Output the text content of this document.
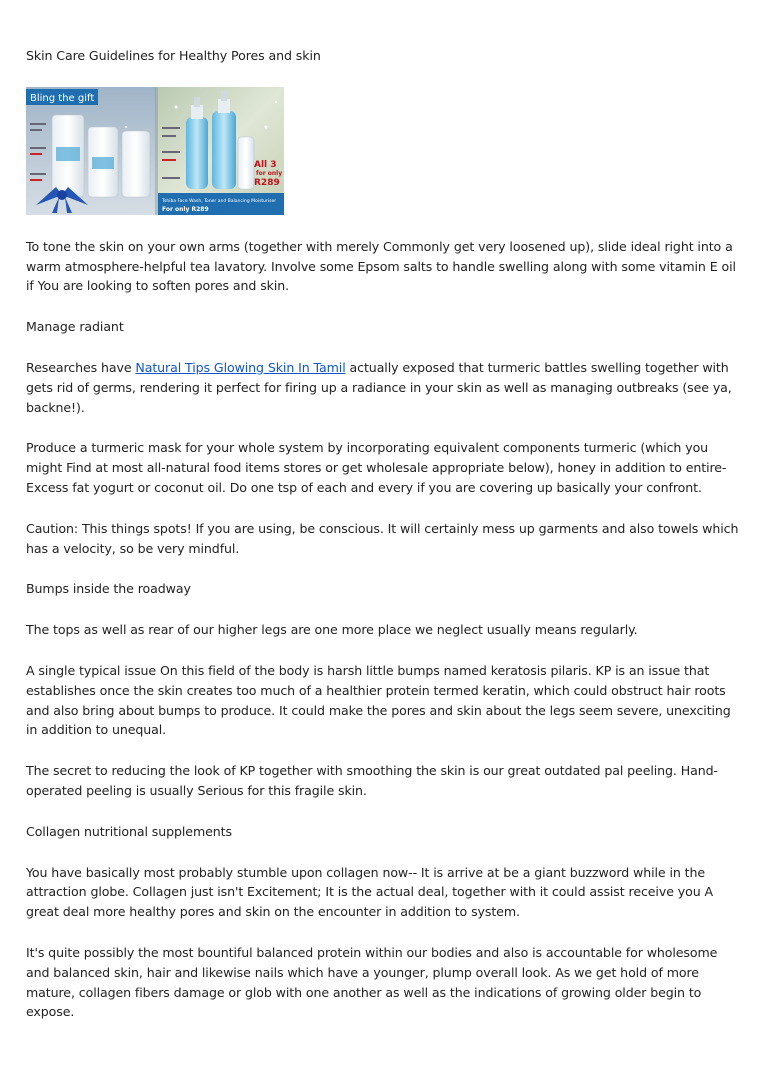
Skin Care Guidelines for Healthy Pores and skin

Bling the gift
All 3
for only
R289
Tshiba Face Wash, Toner and Balancing Moisturiser
For only R289

To tone the skin on your own arms (together with merely Commonly get very loosened up), slide ideal right into a warm atmosphere-helpful tea lavatory. Involve some Epsom salts to handle swelling along with some vitamin E oil if You are looking to soften pores and skin.

Manage radiant

Researches have Natural Tips Glowing Skin In Tamil actually exposed that turmeric battles swelling together with gets rid of germs, rendering it perfect for firing up a radiance in your skin as well as managing outbreaks (see ya, backne!).

Produce a turmeric mask for your whole system by incorporating equivalent components turmeric (which you might Find at most all-natural food items stores or get wholesale appropriate below), honey in addition to entire-Excess fat yogurt or coconut oil. Do one tsp of each and every if you are covering up basically your confront.

Caution: This things spots! If you are using, be conscious. It will certainly mess up garments and also towels which has a velocity, so be very mindful.

Bumps inside the roadway

The tops as well as rear of our higher legs are one more place we neglect usually means regularly.

A single typical issue On this field of the body is harsh little bumps named keratosis pilaris. KP is an issue that establishes once the skin creates too much of a healthier protein termed keratin, which could obstruct hair roots and also bring about bumps to produce. It could make the pores and skin about the legs seem severe, unexciting in addition to unequal.

The secret to reducing the look of KP together with smoothing the skin is our great outdated pal peeling. Hand-operated peeling is usually Serious for this fragile skin.

Collagen nutritional supplements

You have basically most probably stumble upon collagen now-- It is arrive at be a giant buzzword while in the attraction globe. Collagen just isn't Excitement; It is the actual deal, together with it could assist receive you A great deal more healthy pores and skin on the encounter in addition to system.

It's quite possibly the most bountiful balanced protein within our bodies and also is accountable for wholesome and balanced skin, hair and likewise nails which have a younger, plump overall look. As we get hold of more mature, collagen fibers damage or glob with one another as well as the indications of growing older begin to expose.
